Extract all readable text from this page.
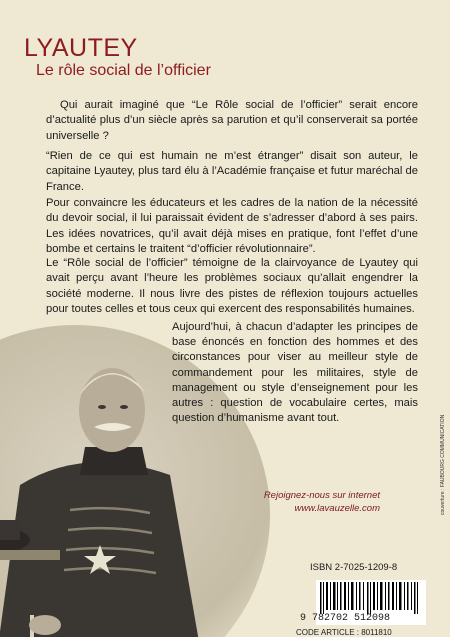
LYAUTEY
Le rôle social de l’officier

Qui aurait imaginé que “Le Rôle social de l’officier” serait encore d’actualité plus d’un siècle après sa parution et qu’il conserverait sa portée universelle ?

“Rien de ce qui est humain ne m’est étranger” disait son auteur, le capitaine Lyautey, plus tard élu à l’Académie française et futur maréchal de France.

Pour convaincre les éducateurs et les cadres de la nation de la nécessité du devoir social, il lui paraissait évident de s’adresser d’abord à ses pairs. Les idées novatrices, qu’il avait déjà mises en pratique, font l’effet d’une bombe et certains le traitent “d’officier révolutionnaire”.

Le “Rôle social de l’officier” témoigne de la clairvoyance de Lyautey qui avait perçu avant l’heure les problèmes sociaux qu’allait engendrer la société moderne. Il nous livre des pistes de réflexion toujours actuelles pour toutes celles et tous ceux qui exercent des responsabilités humaines.

Aujourd’hui, à chacun d’adapter les principes de base énoncés en fonction des hommes et des circonstances pour viser au meilleur style de commandement pour les militaires, style de management ou style d’enseignement pour les autres : question de vocabulaire certes, mais question d’humanisme avant tout.

Rejoignez-nous sur internet
www.lavauzelle.com
ISBN 2-7025-1209-8
9 782702 512098
CODE ARTICLE : 8011810
couverture : FAUBOURG COMMUNICATION
